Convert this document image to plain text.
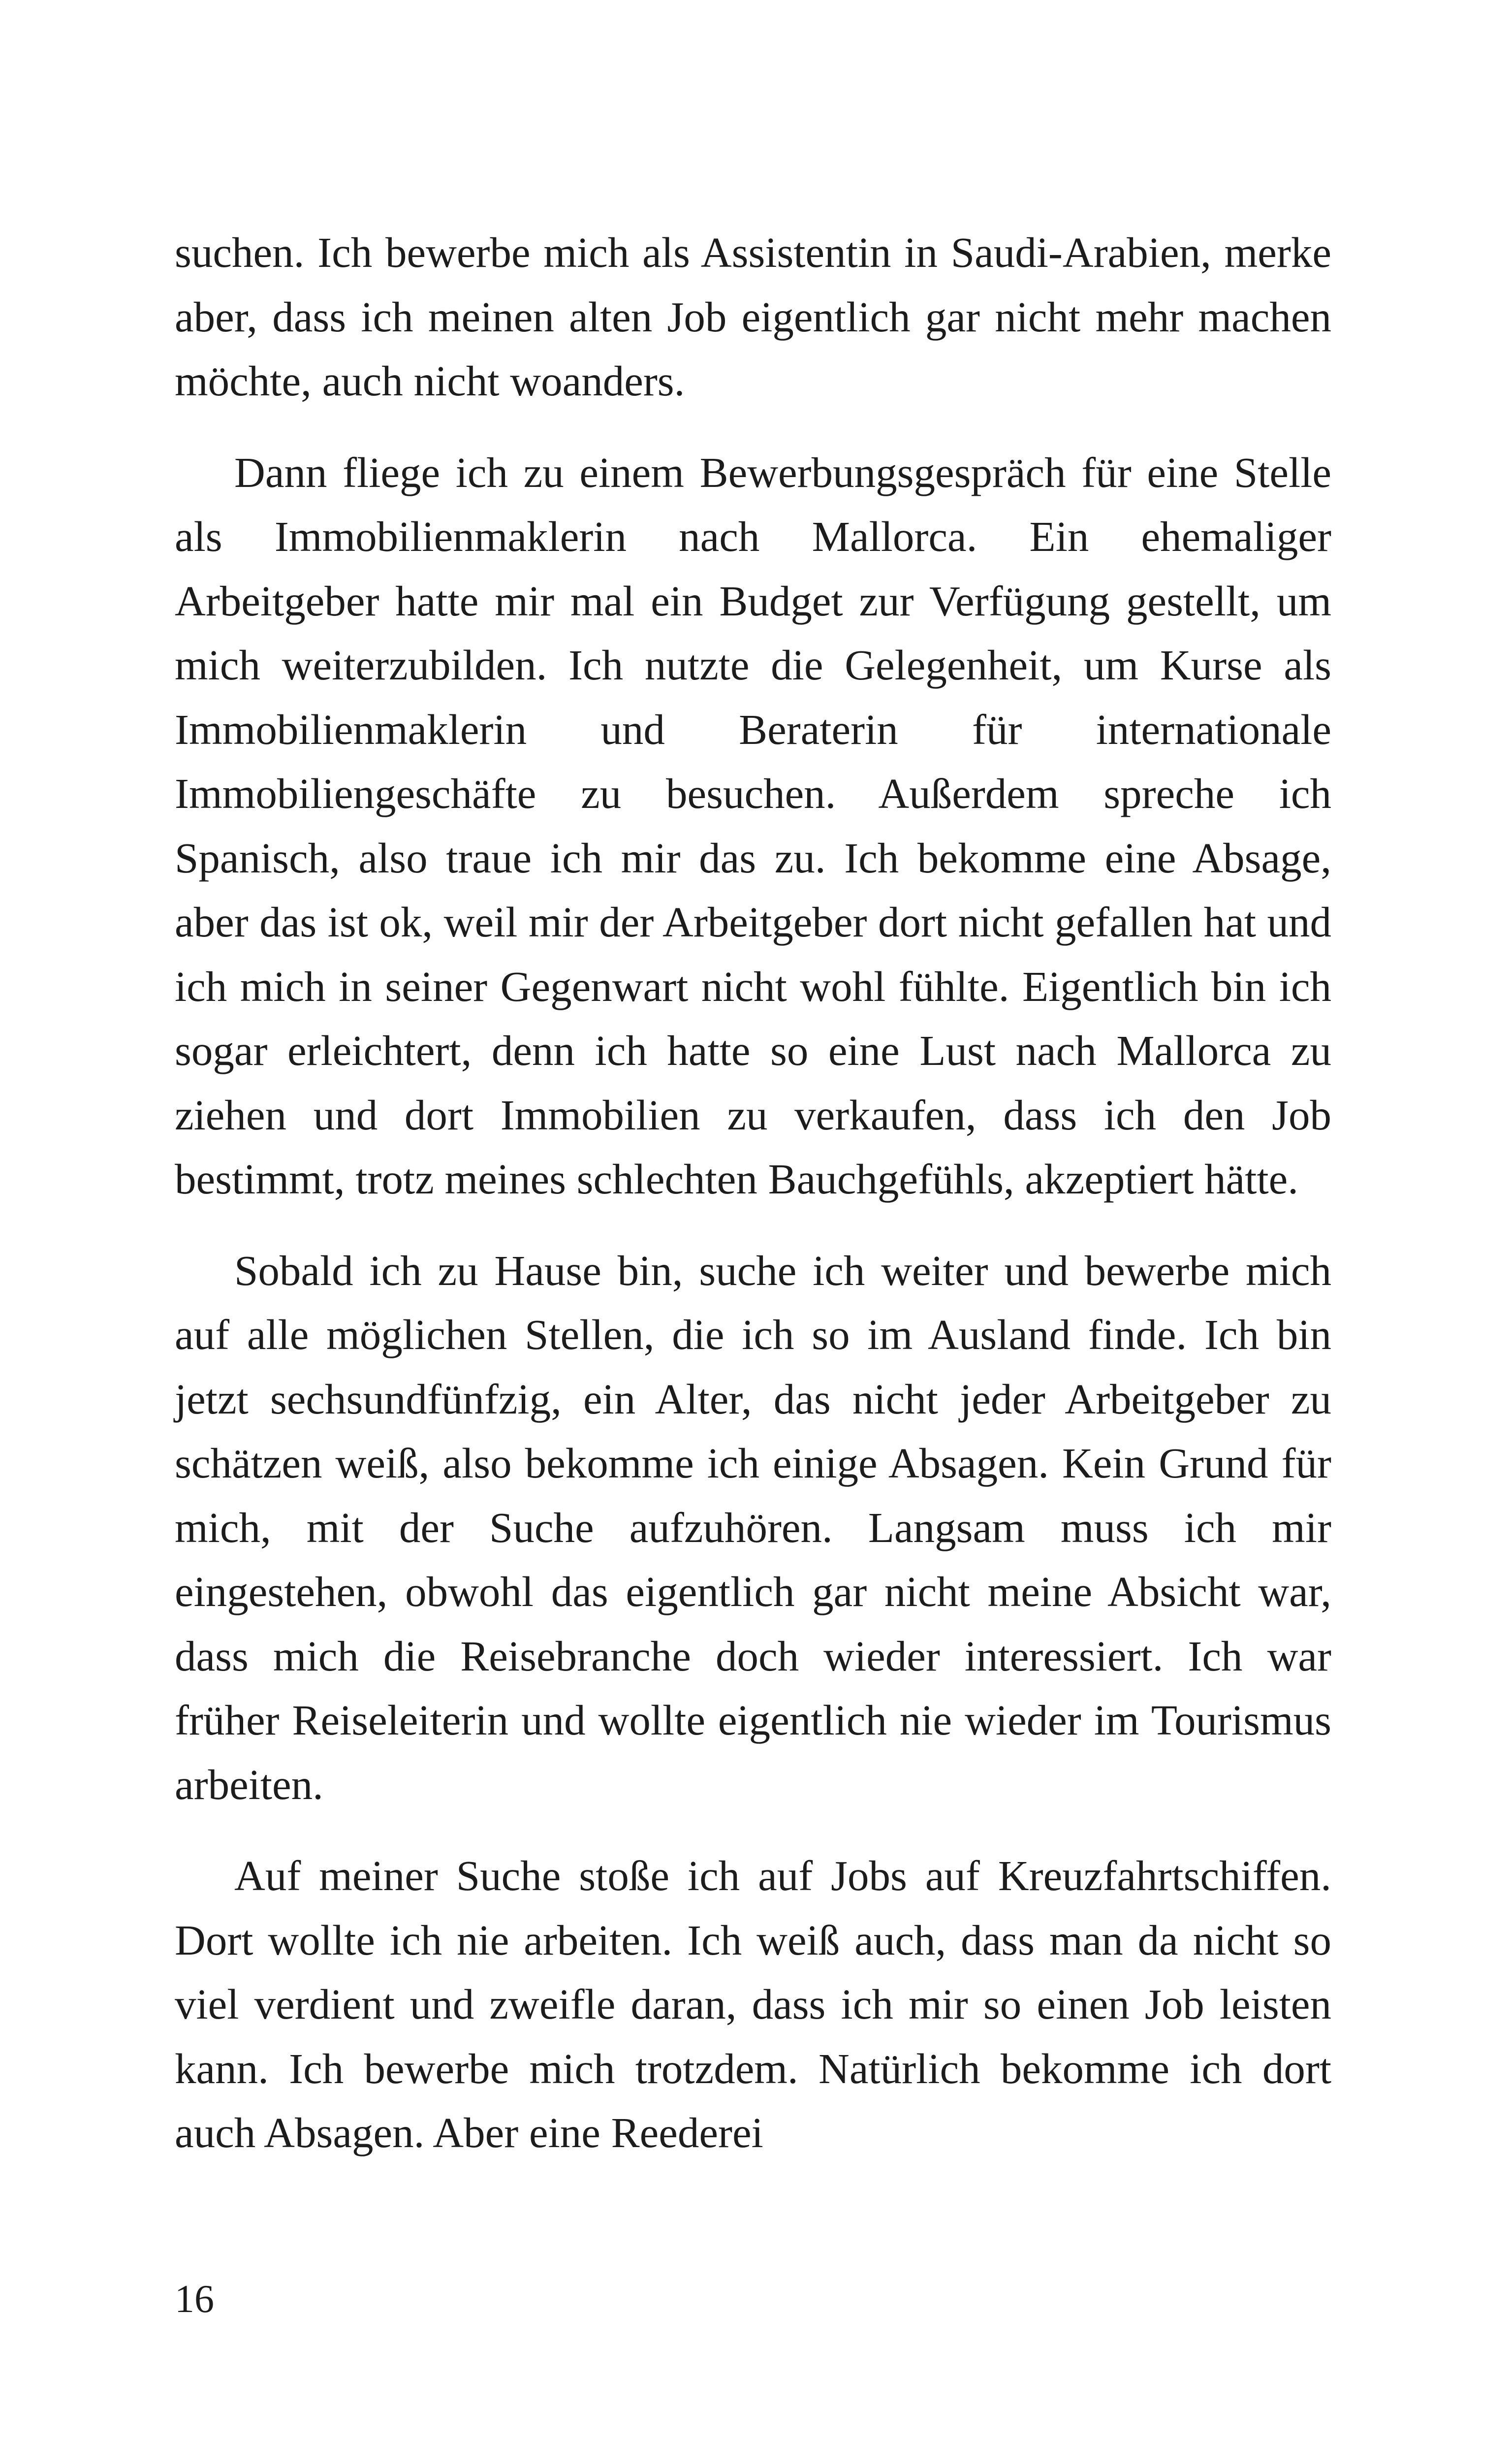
suchen. Ich bewerbe mich als Assistentin in Saudi-Arabien, merke aber, dass ich meinen alten Job eigentlich gar nicht mehr machen möchte, auch nicht woanders.

Dann fliege ich zu einem Bewerbungsgespräch für eine Stelle als Immobilienmaklerin nach Mallorca. Ein ehemaliger Arbeitgeber hatte mir mal ein Budget zur Verfügung gestellt, um mich weiterzubilden. Ich nutzte die Gelegenheit, um Kurse als Immobilienmaklerin und Beraterin für internationale Immobiliengeschäfte zu besuchen. Außerdem spreche ich Spanisch, also traue ich mir das zu. Ich bekomme eine Absage, aber das ist ok, weil mir der Arbeitgeber dort nicht gefallen hat und ich mich in seiner Gegenwart nicht wohl fühlte. Eigentlich bin ich sogar erleichtert, denn ich hatte so eine Lust nach Mallorca zu ziehen und dort Immobilien zu verkaufen, dass ich den Job bestimmt, trotz meines schlechten Bauchgefühls, akzeptiert hätte.

Sobald ich zu Hause bin, suche ich weiter und bewerbe mich auf alle möglichen Stellen, die ich so im Ausland finde. Ich bin jetzt sechsundfünfzig, ein Alter, das nicht jeder Arbeitgeber zu schätzen weiß, also bekomme ich einige Absagen. Kein Grund für mich, mit der Suche aufzuhören. Langsam muss ich mir eingestehen, obwohl das eigentlich gar nicht meine Absicht war, dass mich die Reisebranche doch wieder interessiert. Ich war früher Reiseleiterin und wollte eigentlich nie wieder im Tourismus arbeiten.

Auf meiner Suche stoße ich auf Jobs auf Kreuzfahrtschiffen. Dort wollte ich nie arbeiten. Ich weiß auch, dass man da nicht so viel verdient und zweifle daran, dass ich mir so einen Job leisten kann. Ich bewerbe mich trotzdem. Natürlich bekomme ich dort auch Absagen. Aber eine Reederei

16
